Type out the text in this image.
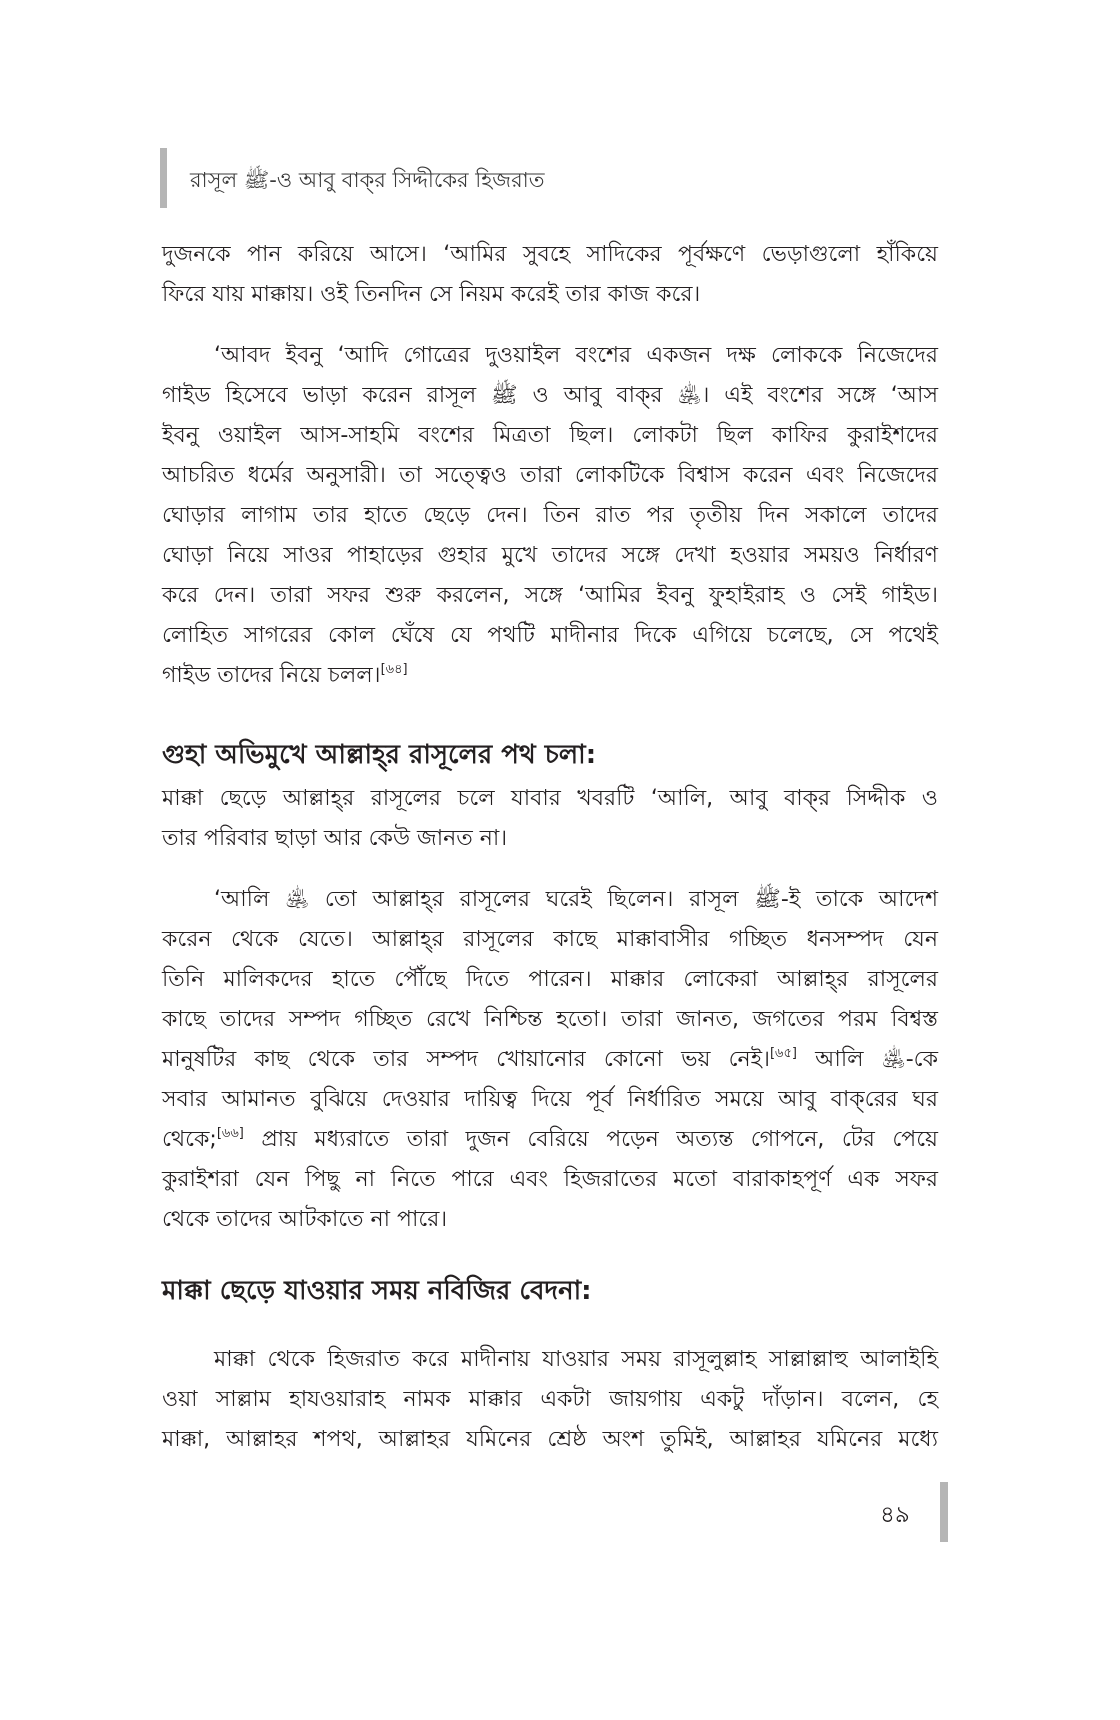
রাসূল ﷺ-ও আবু বাক্‌র সিদ্দীকের হিজরাত
দুজনকে পান করিয়ে আসে। ‘আমির সুবহে সাদিকের পূর্বক্ষণে ভেড়াগুলো হাঁকিয়ে
ফিরে যায় মাক্কায়। ওই তিনদিন সে নিয়ম করেই তার কাজ করে।
‘আবদ ইবনু ‘আদি গোত্রের দুওয়াইল বংশের একজন দক্ষ লোককে নিজেদের
গাইড হিসেবে ভাড়া করেন রাসূল ﷺ ও আবু বাক্‌র ﵁। এই বংশের সঙ্গে ‘আস
ইবনু ওয়াইল আস-সাহমি বংশের মিত্রতা ছিল। লোকটা ছিল কাফির কুরাইশদের
আচরিত ধর্মের অনুসারী। তা সত্ত্বেও তারা লোকটিকে বিশ্বাস করেন এবং নিজেদের
ঘোড়ার লাগাম তার হাতে ছেড়ে দেন। তিন রাত পর তৃতীয় দিন সকালে তাদের
ঘোড়া নিয়ে সাওর পাহাড়ের গুহার মুখে তাদের সঙ্গে দেখা হওয়ার সময়ও নির্ধারণ
করে দেন। তারা সফর শুরু করলেন, সঙ্গে ‘আমির ইবনু ফুহাইরাহ ও সেই গাইড।
লোহিত সাগরের কোল ঘেঁষে যে পথটি মাদীনার দিকে এগিয়ে চলেছে, সে পথেই
গাইড তাদের নিয়ে চলল।[৬৪]
গুহা অভিমুখে আল্লাহ্‌র রাসূলের পথ চলা:
মাক্কা ছেড়ে আল্লাহ্‌র রাসূলের চলে যাবার খবরটি ‘আলি, আবু বাক্‌র সিদ্দীক ও
তার পরিবার ছাড়া আর কেউ জানত না।
‘আলি ﵁ তো আল্লাহ্‌র রাসূলের ঘরেই ছিলেন। রাসূল ﷺ-ই তাকে আদেশ
করেন থেকে যেতে। আল্লাহ্‌র রাসূলের কাছে মাক্কাবাসীর গচ্ছিত ধনসম্পদ যেন
তিনি মালিকদের হাতে পৌঁছে দিতে পারেন। মাক্কার লোকেরা আল্লাহ্‌র রাসূলের
কাছে তাদের সম্পদ গচ্ছিত রেখে নিশ্চিন্ত হতো। তারা জানত, জগতের পরম বিশ্বস্ত
মানুষটির কাছ থেকে তার সম্পদ খোয়ানোর কোনো ভয় নেই।[৬৫] আলি ﵁-কে
সবার আমানত বুঝিয়ে দেওয়ার দায়িত্ব দিয়ে পূর্ব নির্ধারিত সময়ে আবু বাক্‌রের ঘর
থেকে;[৬৬] প্রায় মধ্যরাতে তারা দুজন বেরিয়ে পড়েন অত্যন্ত গোপনে, টের পেয়ে
কুরাইশরা যেন পিছু না নিতে পারে এবং হিজরাতের মতো বারাকাহপূর্ণ এক সফর
থেকে তাদের আটকাতে না পারে।
মাক্কা ছেড়ে যাওয়ার সময় নবিজির বেদনা:
মাক্কা থেকে হিজরাত করে মাদীনায় যাওয়ার সময় রাসূলুল্লাহ সাল্লাল্লাহু আলাইহি
ওয়া সাল্লাম হাযওয়ারাহ নামক মাক্কার একটা জায়গায় একটু দাঁড়ান। বলেন, হে
মাক্কা, আল্লাহর শপথ, আল্লাহর যমিনের শ্রেষ্ঠ অংশ তুমিই, আল্লাহর যমিনের মধ্যে
৪৯
